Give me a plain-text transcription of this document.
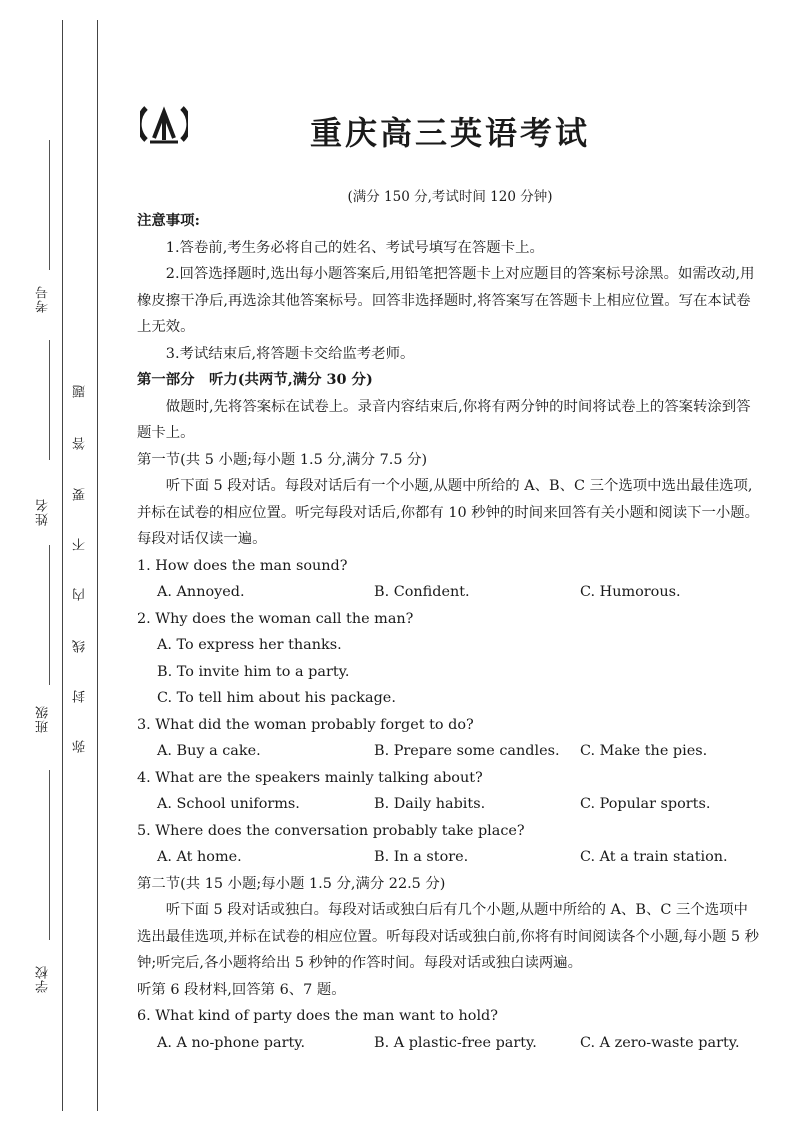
考号
姓名
班级
学校
题
答
要
不
内
线
封
弥
重庆高三英语考试
(满分 150 分,考试时间 120 分钟)

注意事项:

1.答卷前,考生务必将自己的姓名、考试号填写在答题卡上。

2.回答选择题时,选出每小题答案后,用铅笔把答题卡上对应题目的答案标号涂黑。如需改动,用橡皮擦干净后,再选涂其他答案标号。回答非选择题时,将答案写在答题卡上相应位置。写在本试卷上无效。

3.考试结束后,将答题卡交给监考老师。

第一部分　听力(共两节,满分 30 分)

做题时,先将答案标在试卷上。录音内容结束后,你将有两分钟的时间将试卷上的答案转涂到答题卡上。

第一节(共 5 小题;每小题 1.5 分,满分 7.5 分)

听下面 5 段对话。每段对话后有一个小题,从题中所给的 A、B、C 三个选项中选出最佳选项,并标在试卷的相应位置。听完每段对话后,你都有 10 秒钟的时间来回答有关小题和阅读下一小题。每段对话仅读一遍。

1. How does the man sound?

A. Annoyed.	B. Confident.	C. Humorous.

2. Why does the woman call the man?

A. To express her thanks.

B. To invite him to a party.

C. To tell him about his package.

3. What did the woman probably forget to do?

A. Buy a cake.	B. Prepare some candles.	C. Make the pies.

4. What are the speakers mainly talking about?

A. School uniforms.	B. Daily habits.	C. Popular sports.

5. Where does the conversation probably take place?

A. At home.	B. In a store.	C. At a train station.

第二节(共 15 小题;每小题 1.5 分,满分 22.5 分)

听下面 5 段对话或独白。每段对话或独白后有几个小题,从题中所给的 A、B、C 三个选项中选出最佳选项,并标在试卷的相应位置。听每段对话或独白前,你将有时间阅读各个小题,每小题 5 秒钟;听完后,各小题将给出 5 秒钟的作答时间。每段对话或独白读两遍。

听第 6 段材料,回答第 6、7 题。

6. What kind of party does the man want to hold?

A. A no-phone party.	B. A plastic-free party.	C. A zero-waste party.
